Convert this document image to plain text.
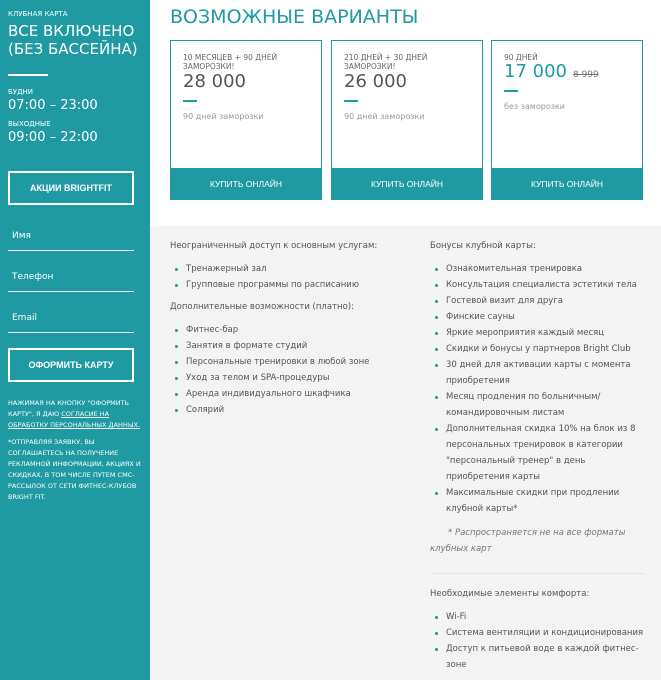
КЛУБНАЯ КАРТА
ВСЕ ВКЛЮЧЕНО (БЕЗ БАССЕЙНА)
БУДНИ
07:00 – 23:00
ВЫХОДНЫЕ
09:00 – 22:00
АКЦИИ BRIGHTFIT
Имя
Телефон
Email
ОФОРМИТЬ КАРТУ
НАЖИМАЯ НА КНОПКУ "ОФОРМИТЬ КАРТУ", Я ДАЮ СОГЛАСИЕ НА ОБРАБОТКУ ПЕРСОНАЛЬНЫХ ДАННЫХ.
*ОТПРАВЛЯЯ ЗАЯВКУ, ВЫ СОГЛАШАЕТЕСЬ НА ПОЛУЧЕНИЕ РЕКЛАМНОЙ ИНФОРМАЦИИ, АКЦИЯХ И СКИДКАХ, В ТОМ ЧИСЛЕ ПУТЕМ СМС-РАССЫЛОК ОТ СЕТИ ФИТНЕС-КЛУБОВ BRIGHT FIT.
ВОЗМОЖНЫЕ ВАРИАНТЫ
10 МЕСЯЦЕВ + 90 ДНЕЙ ЗАМОРОЗКИ!
28 000
90 дней заморозки
КУПИТЬ ОНЛАЙН
210 ДНЕЙ + 30 ДНЕЙ ЗАМОРОЗКИ!
26 000
90 дней заморозки
КУПИТЬ ОНЛАЙН
90 ДНЕЙ
17 000 8 999
без заморозки
КУПИТЬ ОНЛАЙН
Неограниченный доступ к основным услугам:
Тренажерный зал
Групповые программы по расписанию
Дополнительные возможности (платно):
Фитнес-бар
Занятия в формате студий
Персональные тренировки в любой зоне
Уход за телом и SPA-процедуры
Аренда индивидуального шкафчика
Солярий
Бонусы клубной карты:
Ознакомительная тренировка
Консультация специалиста эстетики тела
Гостевой визит для друга
Финские сауны
Яркие мероприятия каждый месяц
Скидки и бонусы у партнеров Bright Club
30 дней для активации карты с момента приобретения
Месяц продления по больничным/командировочным листам
Дополнительная скидка 10% на блок из 8 персональных тренировок в категории "персональный тренер" в день приобретения карты
Максимальные скидки при продлении клубной карты*
* Распространяется не на все форматы клубных карт
Необходимые элементы комфорта:
Wi-Fi
Система вентиляции и кондиционирования
Доступ к питьевой воде в каждой фитнес-зоне
